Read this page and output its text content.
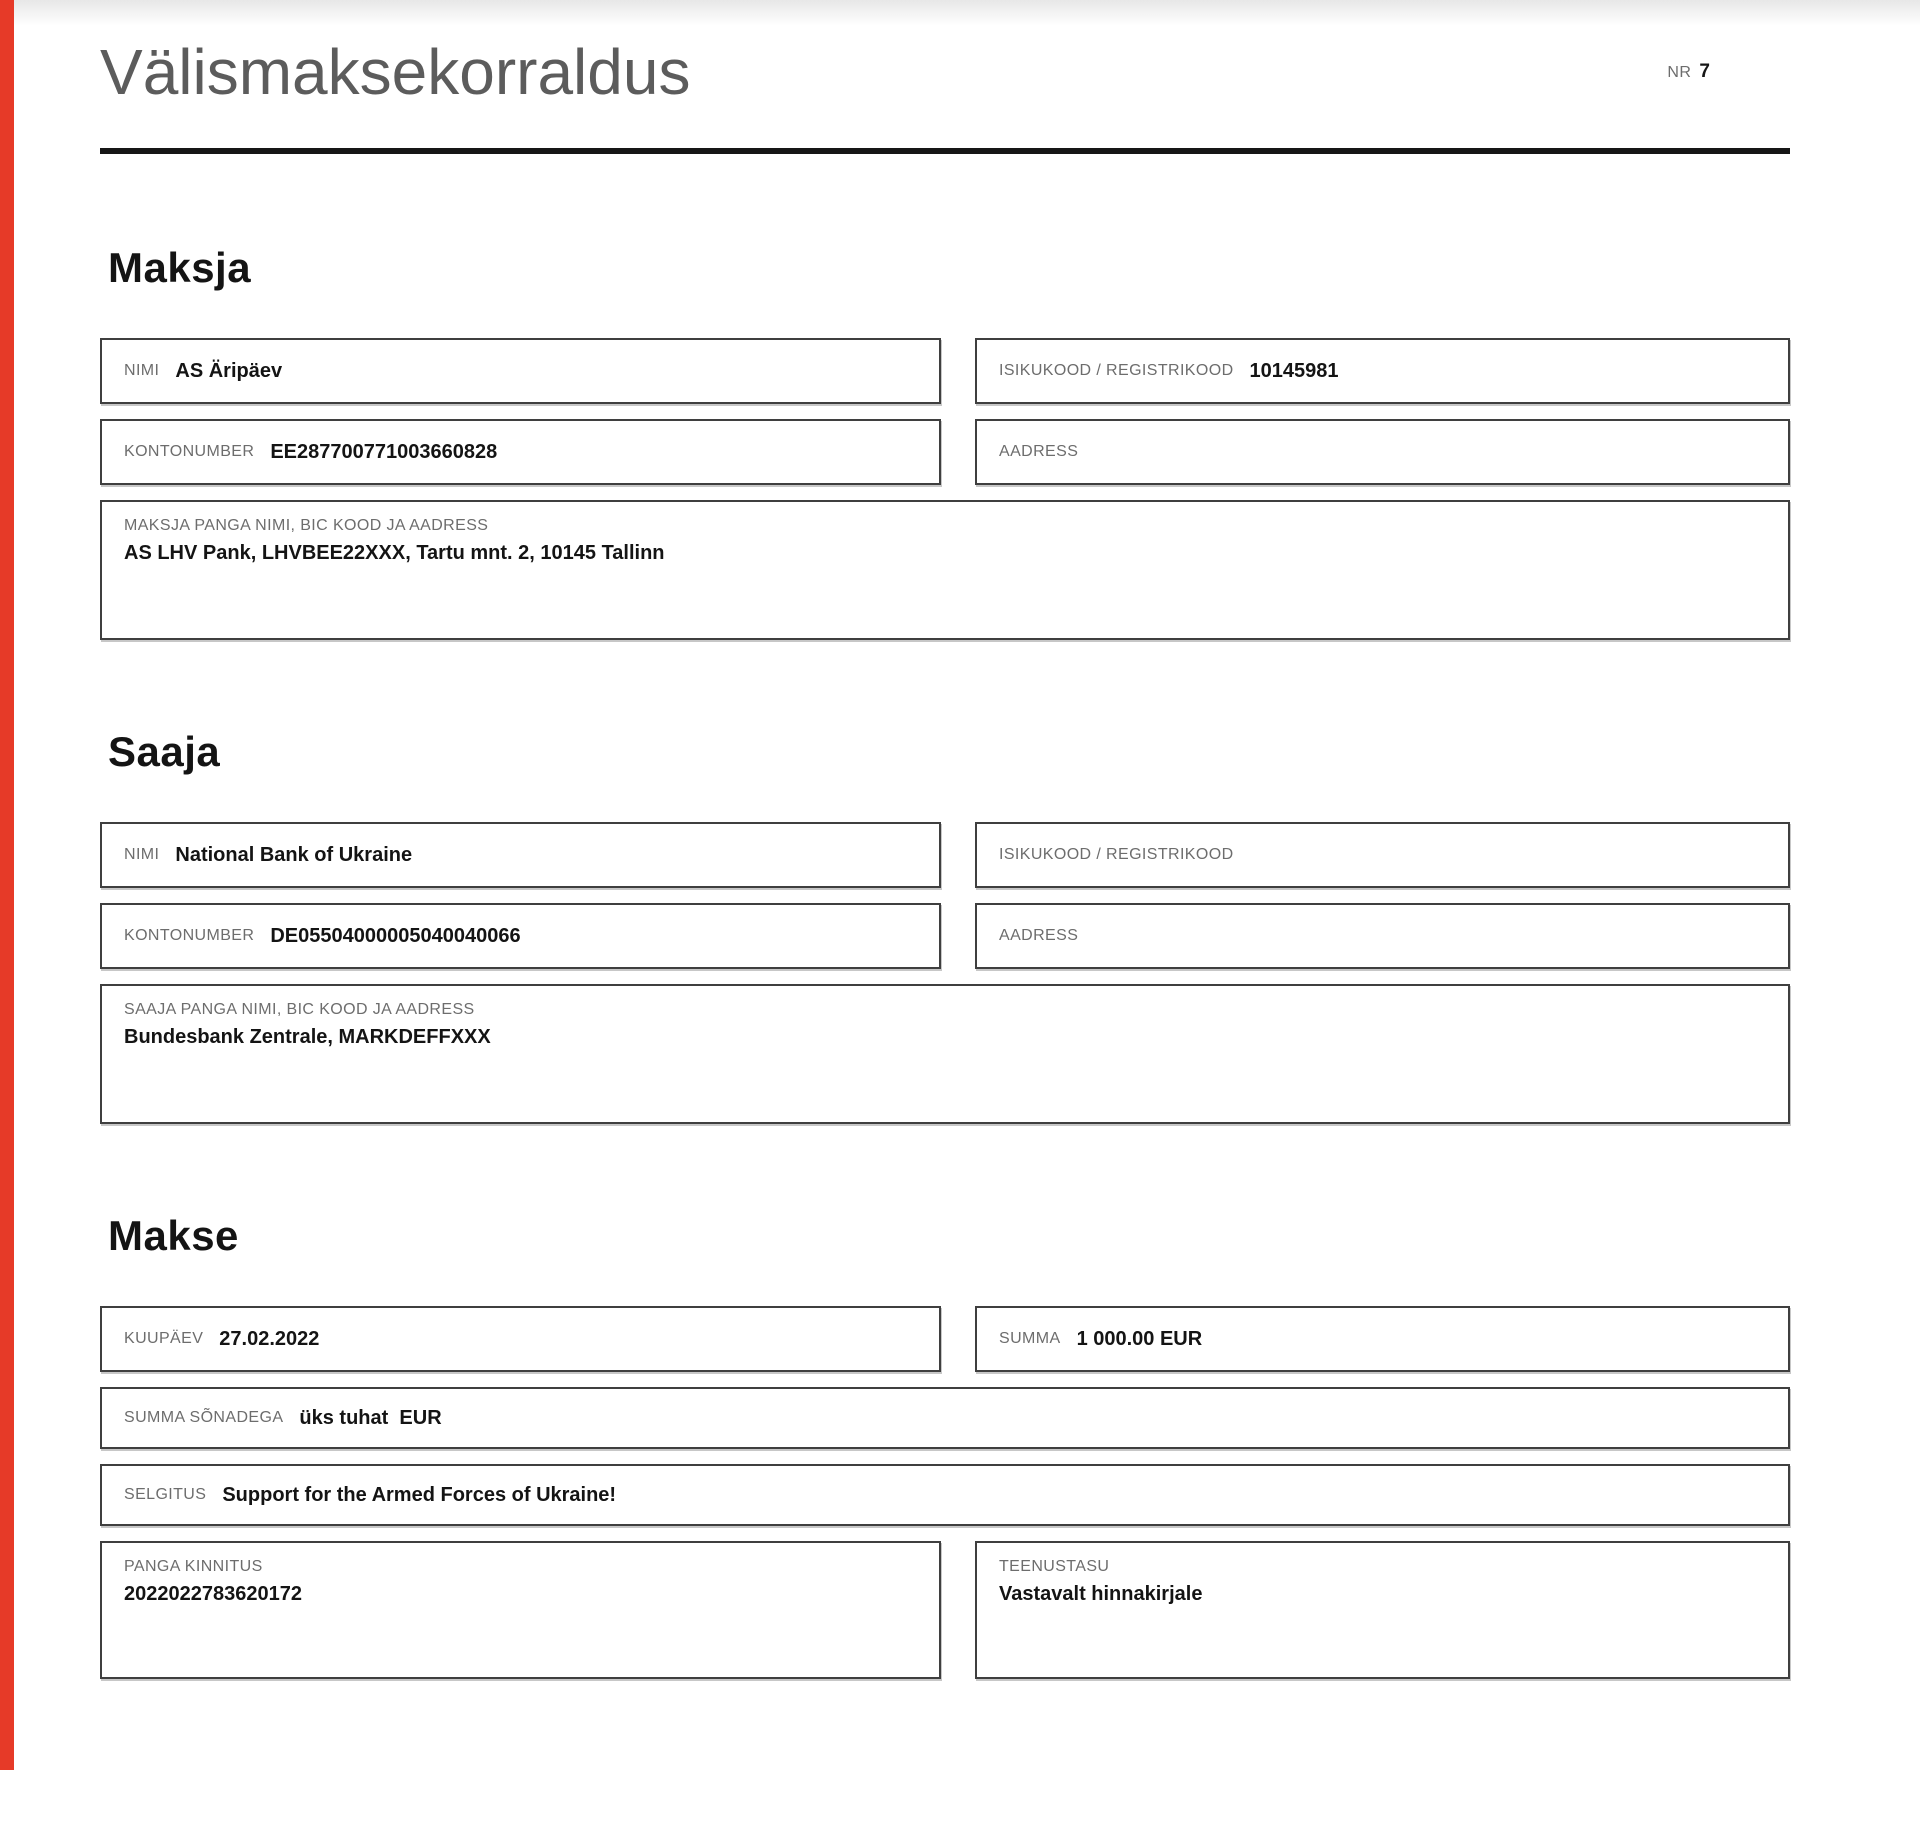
Välismaksekorraldus	NR 7
Maksja
NIMI AS Äripäev	ISIKUKOOD / REGISTRIKOOD 10145981
KONTONUMBER EE287700771003660828	AADRESS
MAKSJA PANGA NIMI, BIC KOOD JA AADRESS
AS LHV Pank, LHVBEE22XXX, Tartu mnt. 2, 10145 Tallinn
Saaja
NIMI National Bank of Ukraine	ISIKUKOOD / REGISTRIKOOD
KONTONUMBER DE05504000005040040066	AADRESS
SAAJA PANGA NIMI, BIC KOOD JA AADRESS
Bundesbank Zentrale, MARKDEFFXXX
Makse
KUUPÄEV 27.02.2022	SUMMA 1 000.00 EUR
SUMMA SÕNADEGA üks tuhat  EUR
SELGITUS Support for the Armed Forces of Ukraine!
PANGA KINNITUS
2022022783620172
TEENUSTASU
Vastavalt hinnakirjale
